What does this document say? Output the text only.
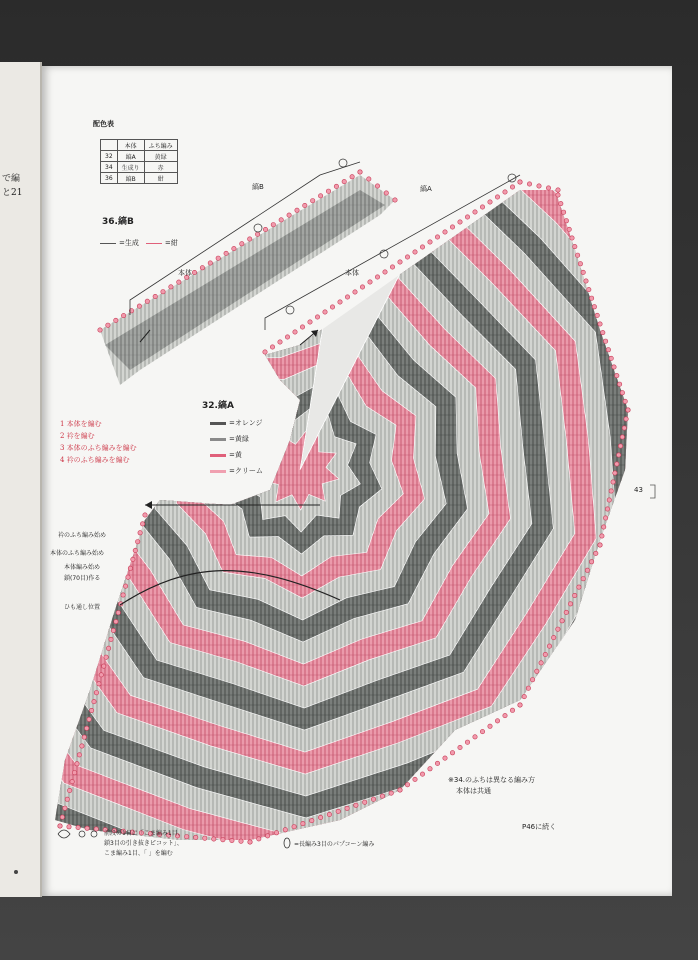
で編
と21
配色表
	本体	ふち編み
32	縞A	黄緑
34	生成り	赤
36	縞B	紺
縞B	縞A
本体	本体
36.縞B
=生成	=紺
32.縞A
=オレンジ
=黄緑
=黄
=クリーム
1 本体を編む
2 衿を編む
3 本体のふち編みを編む
4 衿のふち編みを編む
43
衿のふち編み始め
本体のふち編み始め
本体編み始め
鎖(70目)作る
ひも通し位置
※34.のふちは異なる編み方
本体は共通
P46に続く
前段の1目に「こま編み1目、
鎖3目の引き抜きピコット」、
こま編み1目、「 」を編む
=長編み3目のパプコーン編み
